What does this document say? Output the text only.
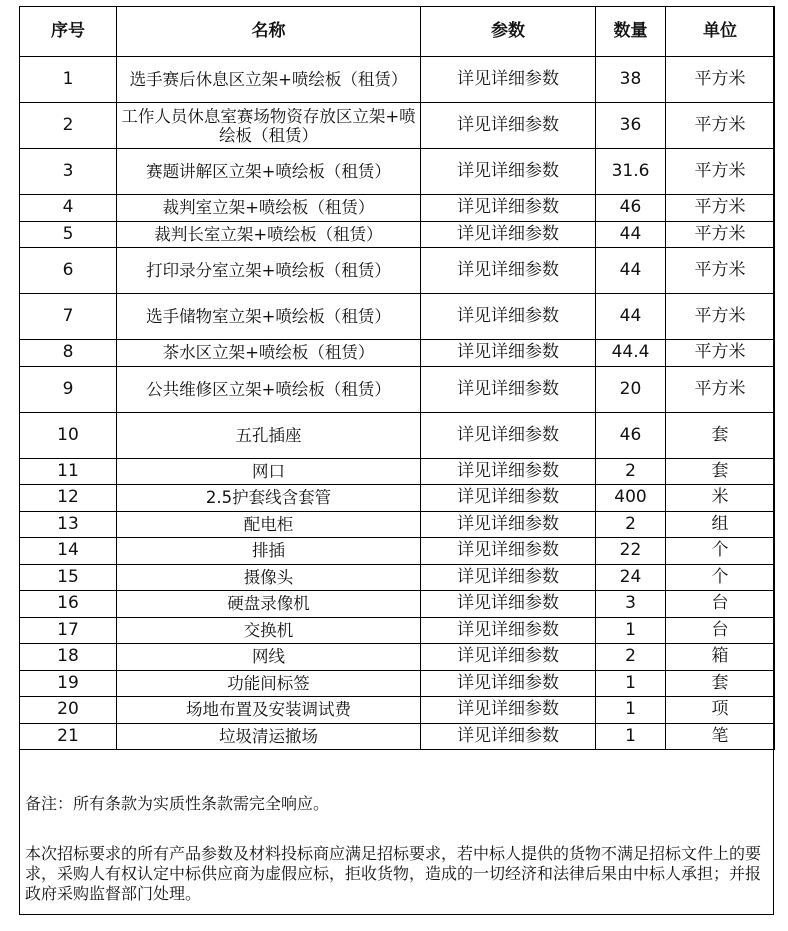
序号	名称	参数	数量	单位
1	选手赛后休息区立架+喷绘板（租赁）	详见详细参数	38	平方米
2	工作人员休息室赛场物资存放区立架+喷绘板（租赁）	详见详细参数	36	平方米
3	赛题讲解区立架+喷绘板（租赁）	详见详细参数	31.6	平方米
4	裁判室立架+喷绘板（租赁）	详见详细参数	46	平方米
5	裁判长室立架+喷绘板（租赁）	详见详细参数	44	平方米
6	打印录分室立架+喷绘板（租赁）	详见详细参数	44	平方米
7	选手储物室立架+喷绘板（租赁）	详见详细参数	44	平方米
8	茶水区立架+喷绘板（租赁）	详见详细参数	44.4	平方米
9	公共维修区立架+喷绘板（租赁）	详见详细参数	20	平方米
10	五孔插座	详见详细参数	46	套
11	网口	详见详细参数	2	套
12	2.5护套线含套管	详见详细参数	400	米
13	配电柜	详见详细参数	2	组
14	排插	详见详细参数	22	个
15	摄像头	详见详细参数	24	个
16	硬盘录像机	详见详细参数	3	台
17	交换机	详见详细参数	1	台
18	网线	详见详细参数	2	箱
19	功能间标签	详见详细参数	1	套
20	场地布置及安装调试费	详见详细参数	1	项
21	垃圾清运撤场	详见详细参数	1	笔
备注：所有条款为实质性条款需完全响应。
本次招标要求的所有产品参数及材料投标商应满足招标要求，若中标人提供的货物不满足招标文件上的要求，采购人有权认定中标供应商为虚假应标，拒收货物，造成的一切经济和法律后果由中标人承担；并报政府采购监督部门处理。
